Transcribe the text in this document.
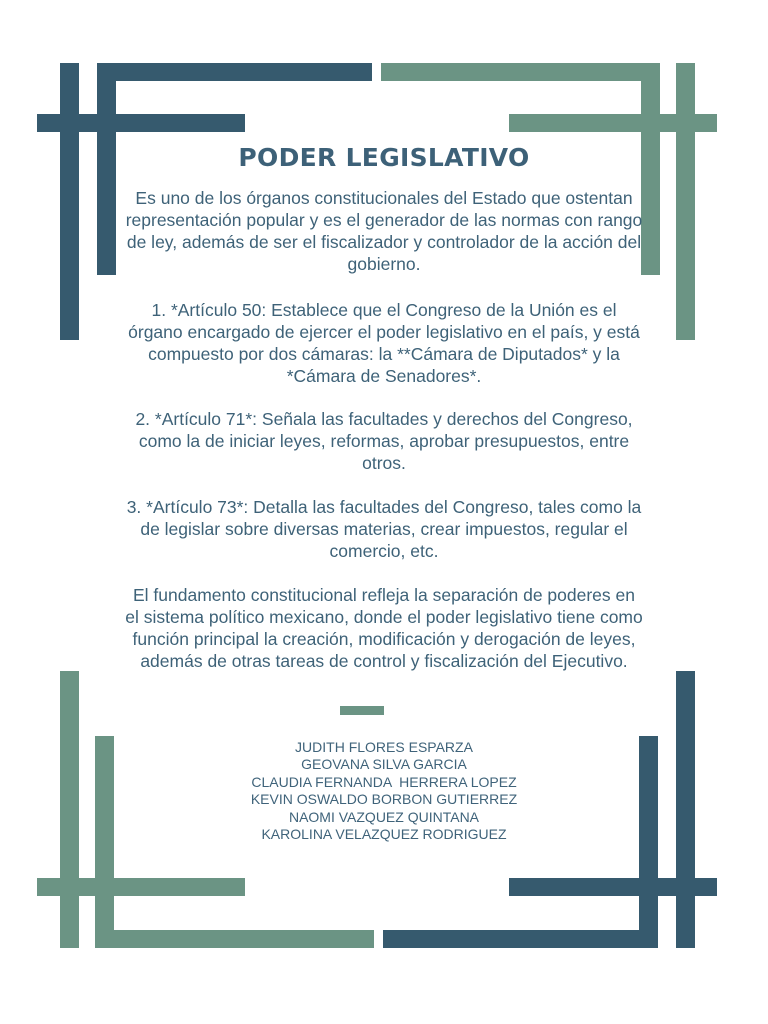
PODER LEGISLATIVO
Es uno de los órganos constitucionales del Estado que ostentan representación popular y es el generador de las normas con rango de ley, además de ser el fiscalizador y controlador de la acción del gobierno.
1. *Artículo 50: Establece que el Congreso de la Unión es el órgano encargado de ejercer el poder legislativo en el país, y está compuesto por dos cámaras: la **Cámara de Diputados* y la *Cámara de Senadores*.
2. *Artículo 71*: Señala las facultades y derechos del Congreso, como la de iniciar leyes, reformas, aprobar presupuestos, entre otros.
3. *Artículo 73*: Detalla las facultades del Congreso, tales como la de legislar sobre diversas materias, crear impuestos, regular el comercio, etc.
El fundamento constitucional refleja la separación de poderes en el sistema político mexicano, donde el poder legislativo tiene como función principal la creación, modificación y derogación de leyes, además de otras tareas de control y fiscalización del Ejecutivo.
JUDITH FLORES ESPARZA
GEOVANA SILVA GARCIA
CLAUDIA FERNANDA  HERRERA LOPEZ
KEVIN OSWALDO BORBON GUTIERREZ
NAOMI VAZQUEZ QUINTANA
KAROLINA VELAZQUEZ RODRIGUEZ
